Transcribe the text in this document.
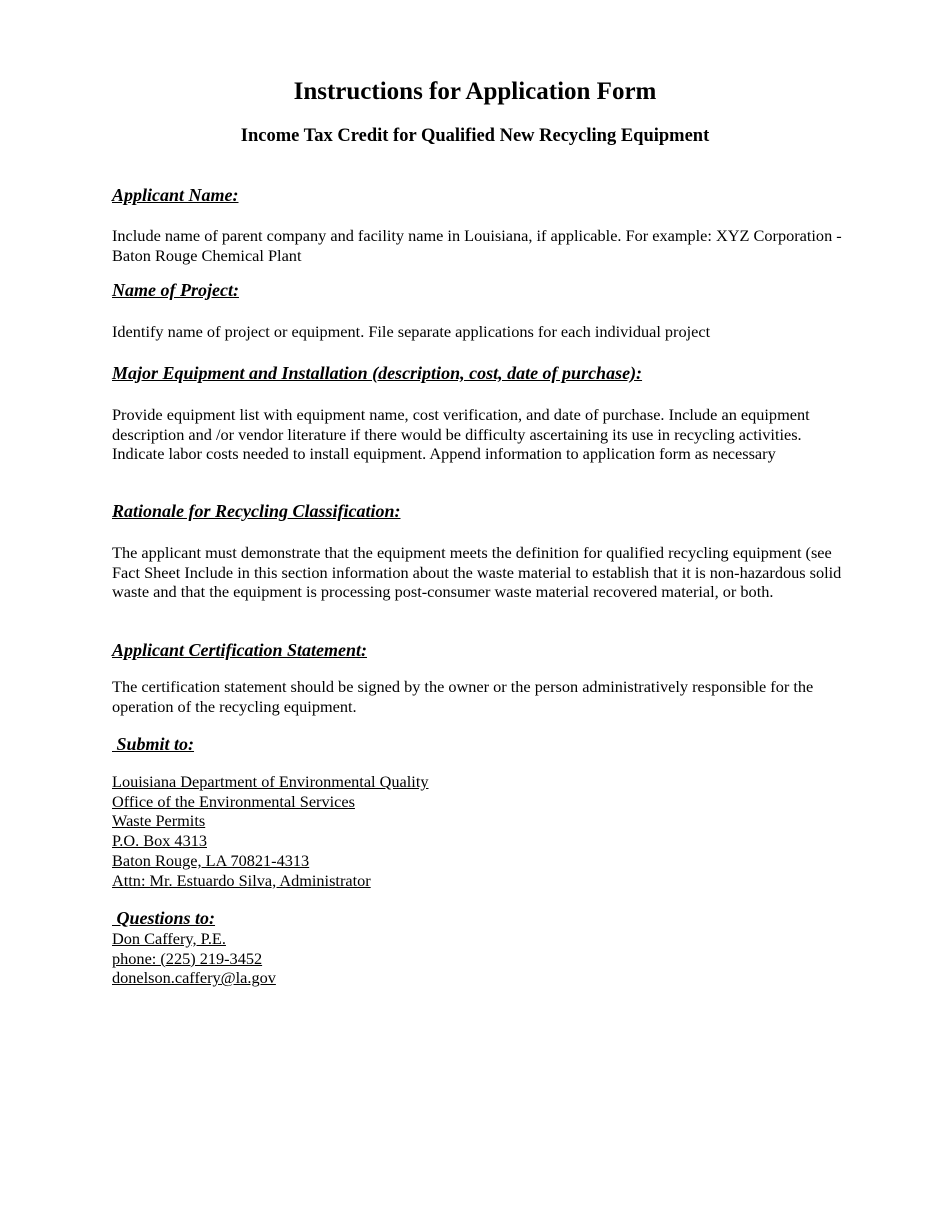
Instructions for Application Form
Income Tax Credit for Qualified New Recycling Equipment
Applicant Name:

Include name of parent company and facility name in Louisiana, if applicable. For example: XYZ Corporation - Baton Rouge Chemical Plant

Name of Project:

Identify name of project or equipment. File separate applications for each individual project

Major Equipment and Installation (description, cost, date of purchase):

Provide equipment list with equipment name, cost verification, and date of purchase. Include an equipment description and /or vendor literature if there would be difficulty ascertaining its use in recycling activities. Indicate labor costs needed to install equipment. Append information to application form as necessary

Rationale for Recycling Classification:

The applicant must demonstrate that the equipment meets the definition for qualified recycling equipment (see Fact Sheet Include in this section information about the waste material to establish that it is non-hazardous solid waste and that the equipment is processing post-consumer waste material recovered material, or both.

Applicant Certification Statement:

The certification statement should be signed by the owner or the person administratively responsible for the operation of the recycling equipment.

Submit to:
Louisiana Department of Environmental Quality
Office of the Environmental Services
Waste Permits
P.O. Box 4313
Baton Rouge, LA 70821-4313
Attn: Mr. Estuardo Silva, Administrator
Questions to:
Don Caffery, P.E.
phone: (225) 219-3452
donelson.caffery@la.gov
